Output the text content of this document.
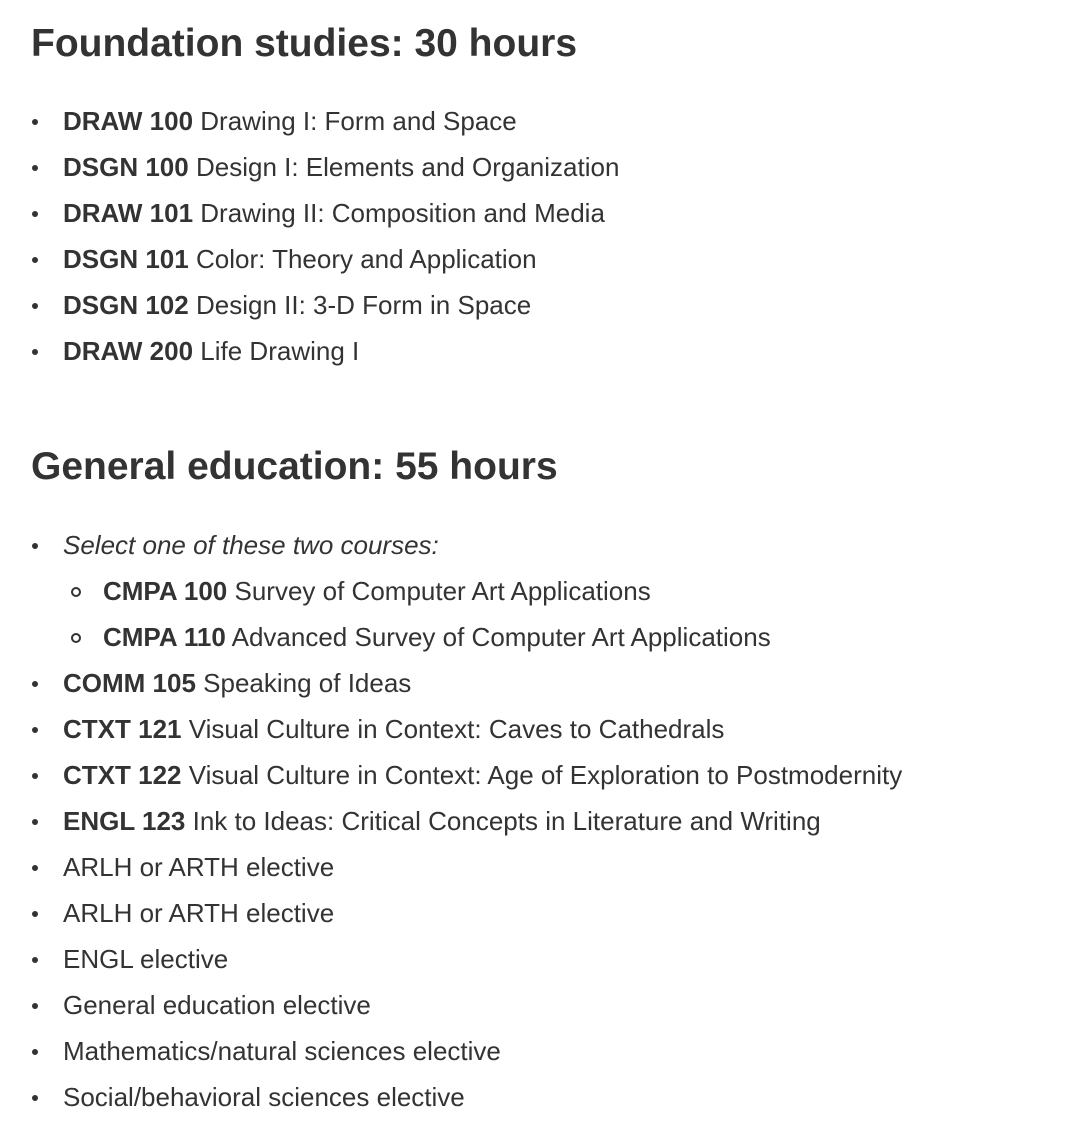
Foundation studies: 30 hours
DRAW 100 Drawing I: Form and Space
DSGN 100 Design I: Elements and Organization
DRAW 101 Drawing II: Composition and Media
DSGN 101 Color: Theory and Application
DSGN 102 Design II: 3-D Form in Space
DRAW 200 Life Drawing I
General education: 55 hours
Select one of these two courses:
CMPA 100 Survey of Computer Art Applications
CMPA 110 Advanced Survey of Computer Art Applications
COMM 105 Speaking of Ideas
CTXT 121 Visual Culture in Context: Caves to Cathedrals
CTXT 122 Visual Culture in Context: Age of Exploration to Postmodernity
ENGL 123 Ink to Ideas: Critical Concepts in Literature and Writing
ARLH or ARTH elective
ARLH or ARTH elective
ENGL elective
General education elective
Mathematics/natural sciences elective
Social/behavioral sciences elective
